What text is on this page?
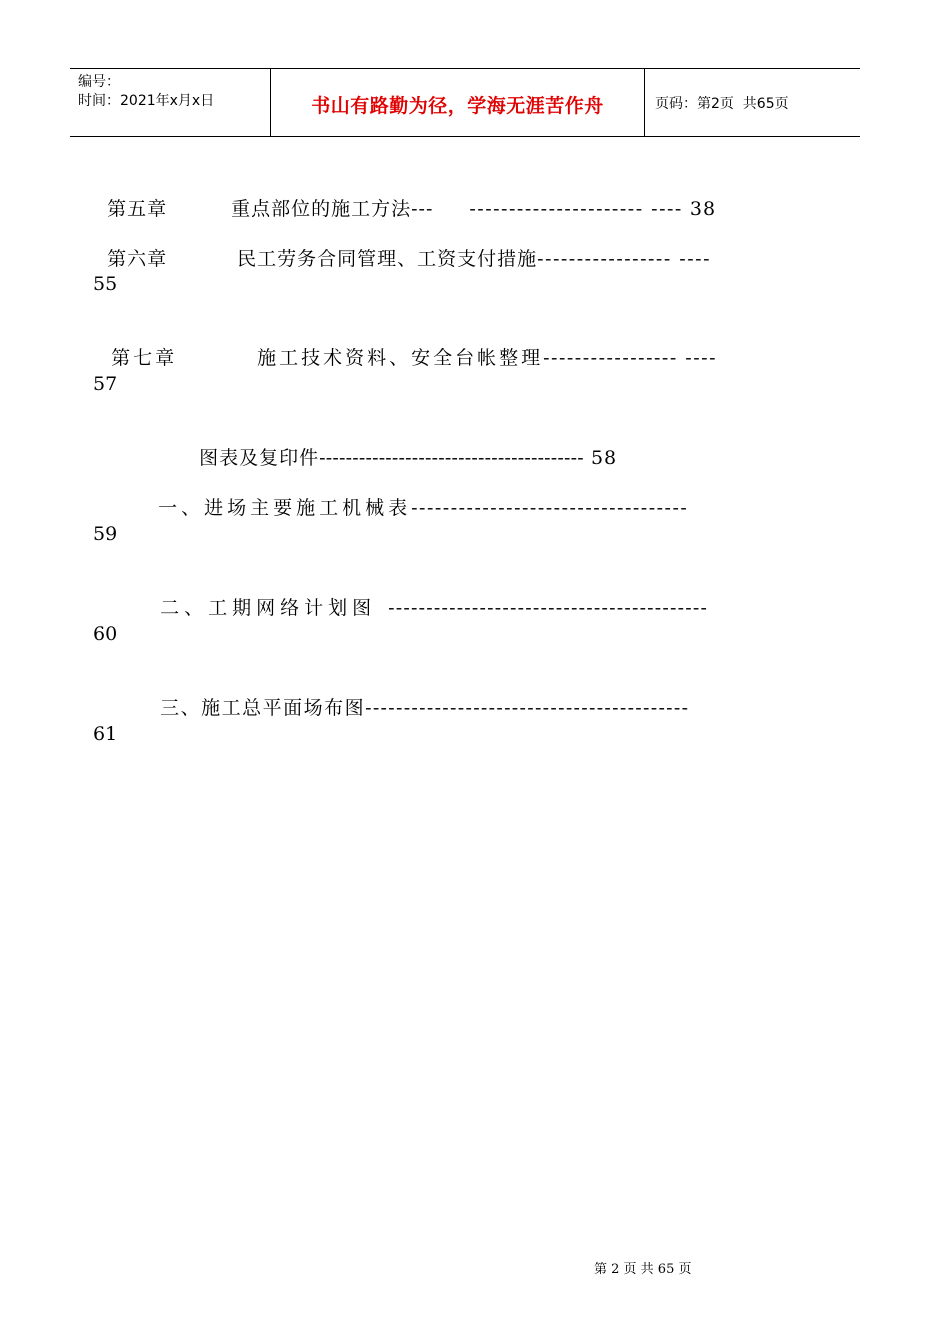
编号：
时间：2021年x月x日	书山有路勤为径，学海无涯苦作舟	页码：第2页  共65页

第五章	重点部位的施工方法--- ---------------------- ---- 38

第六章	民工劳务合同管理、工资支付措施----------------- ----

55

第七章	施工技术资料、安全台帐整理----------------- ----

57

图表及复印件---------------------------------------- 58

一、进场主要施工机械表-----------------------------------

59

二、工期网络计划图 ------------------------------------------

60

三、施工总平面场布图------------------------------------------

61
第 2 页 共 65 页
